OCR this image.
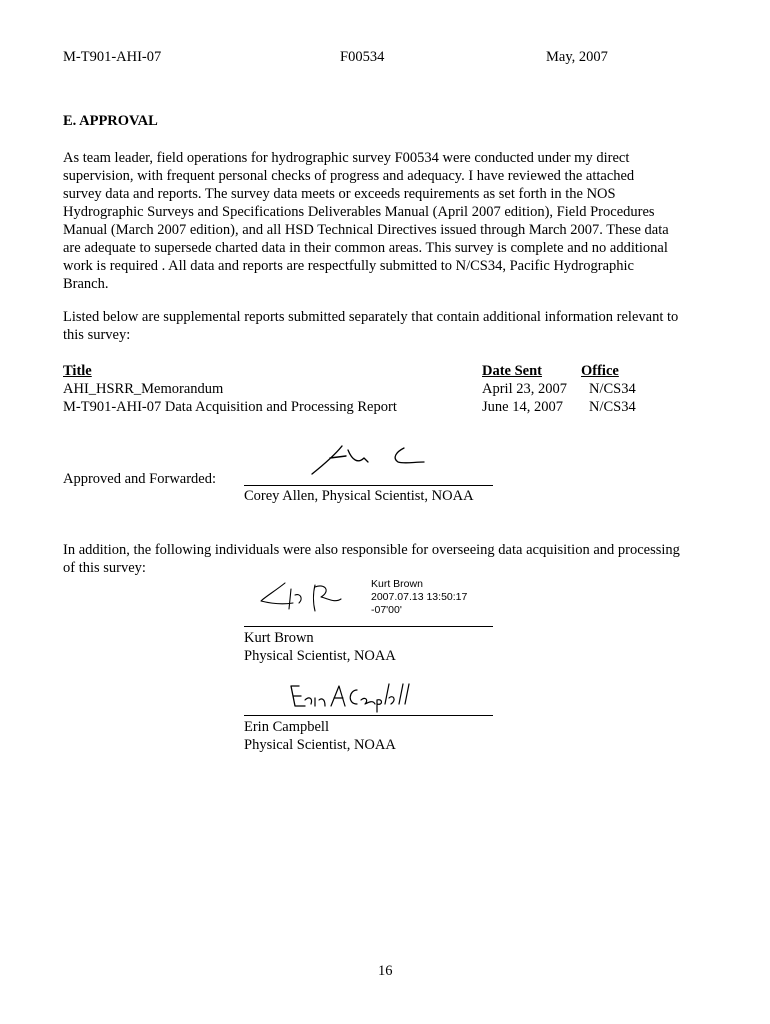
M-T901-AHI-07	F00534	May, 2007
E. APPROVAL
As team leader, field operations for hydrographic survey F00534 were conducted under my direct
supervision, with frequent personal checks of progress and adequacy. I have reviewed the attached
survey data and reports. The survey data meets or exceeds requirements as set forth in the NOS
Hydrographic Surveys and Specifications Deliverables Manual (April 2007 edition), Field Procedures
Manual (March 2007 edition), and all HSD Technical Directives issued through March 2007. These data
are adequate to supersede charted data in their common areas. This survey is complete and no additional
work is required . All data and reports are respectfully submitted to N/CS34, Pacific Hydrographic
Branch.
Listed below are supplemental reports submitted separately that contain additional information relevant to
this survey:
Title	Date Sent	Office
AHI_HSRR_Memorandum	April 23, 2007 N/CS34
M-T901-AHI-07 Data Acquisition and Processing Report	June 14, 2007 N/CS34
Approved and Forwarded:
Corey Allen, Physical Scientist, NOAA
In addition, the following individuals were also responsible for overseeing data acquisition and processing
of this survey:
Kurt Brown
2007.07.13 13:50:17
-07'00'
Kurt Brown
Physical Scientist, NOAA
Erin Campbell
Physical Scientist, NOAA
16
